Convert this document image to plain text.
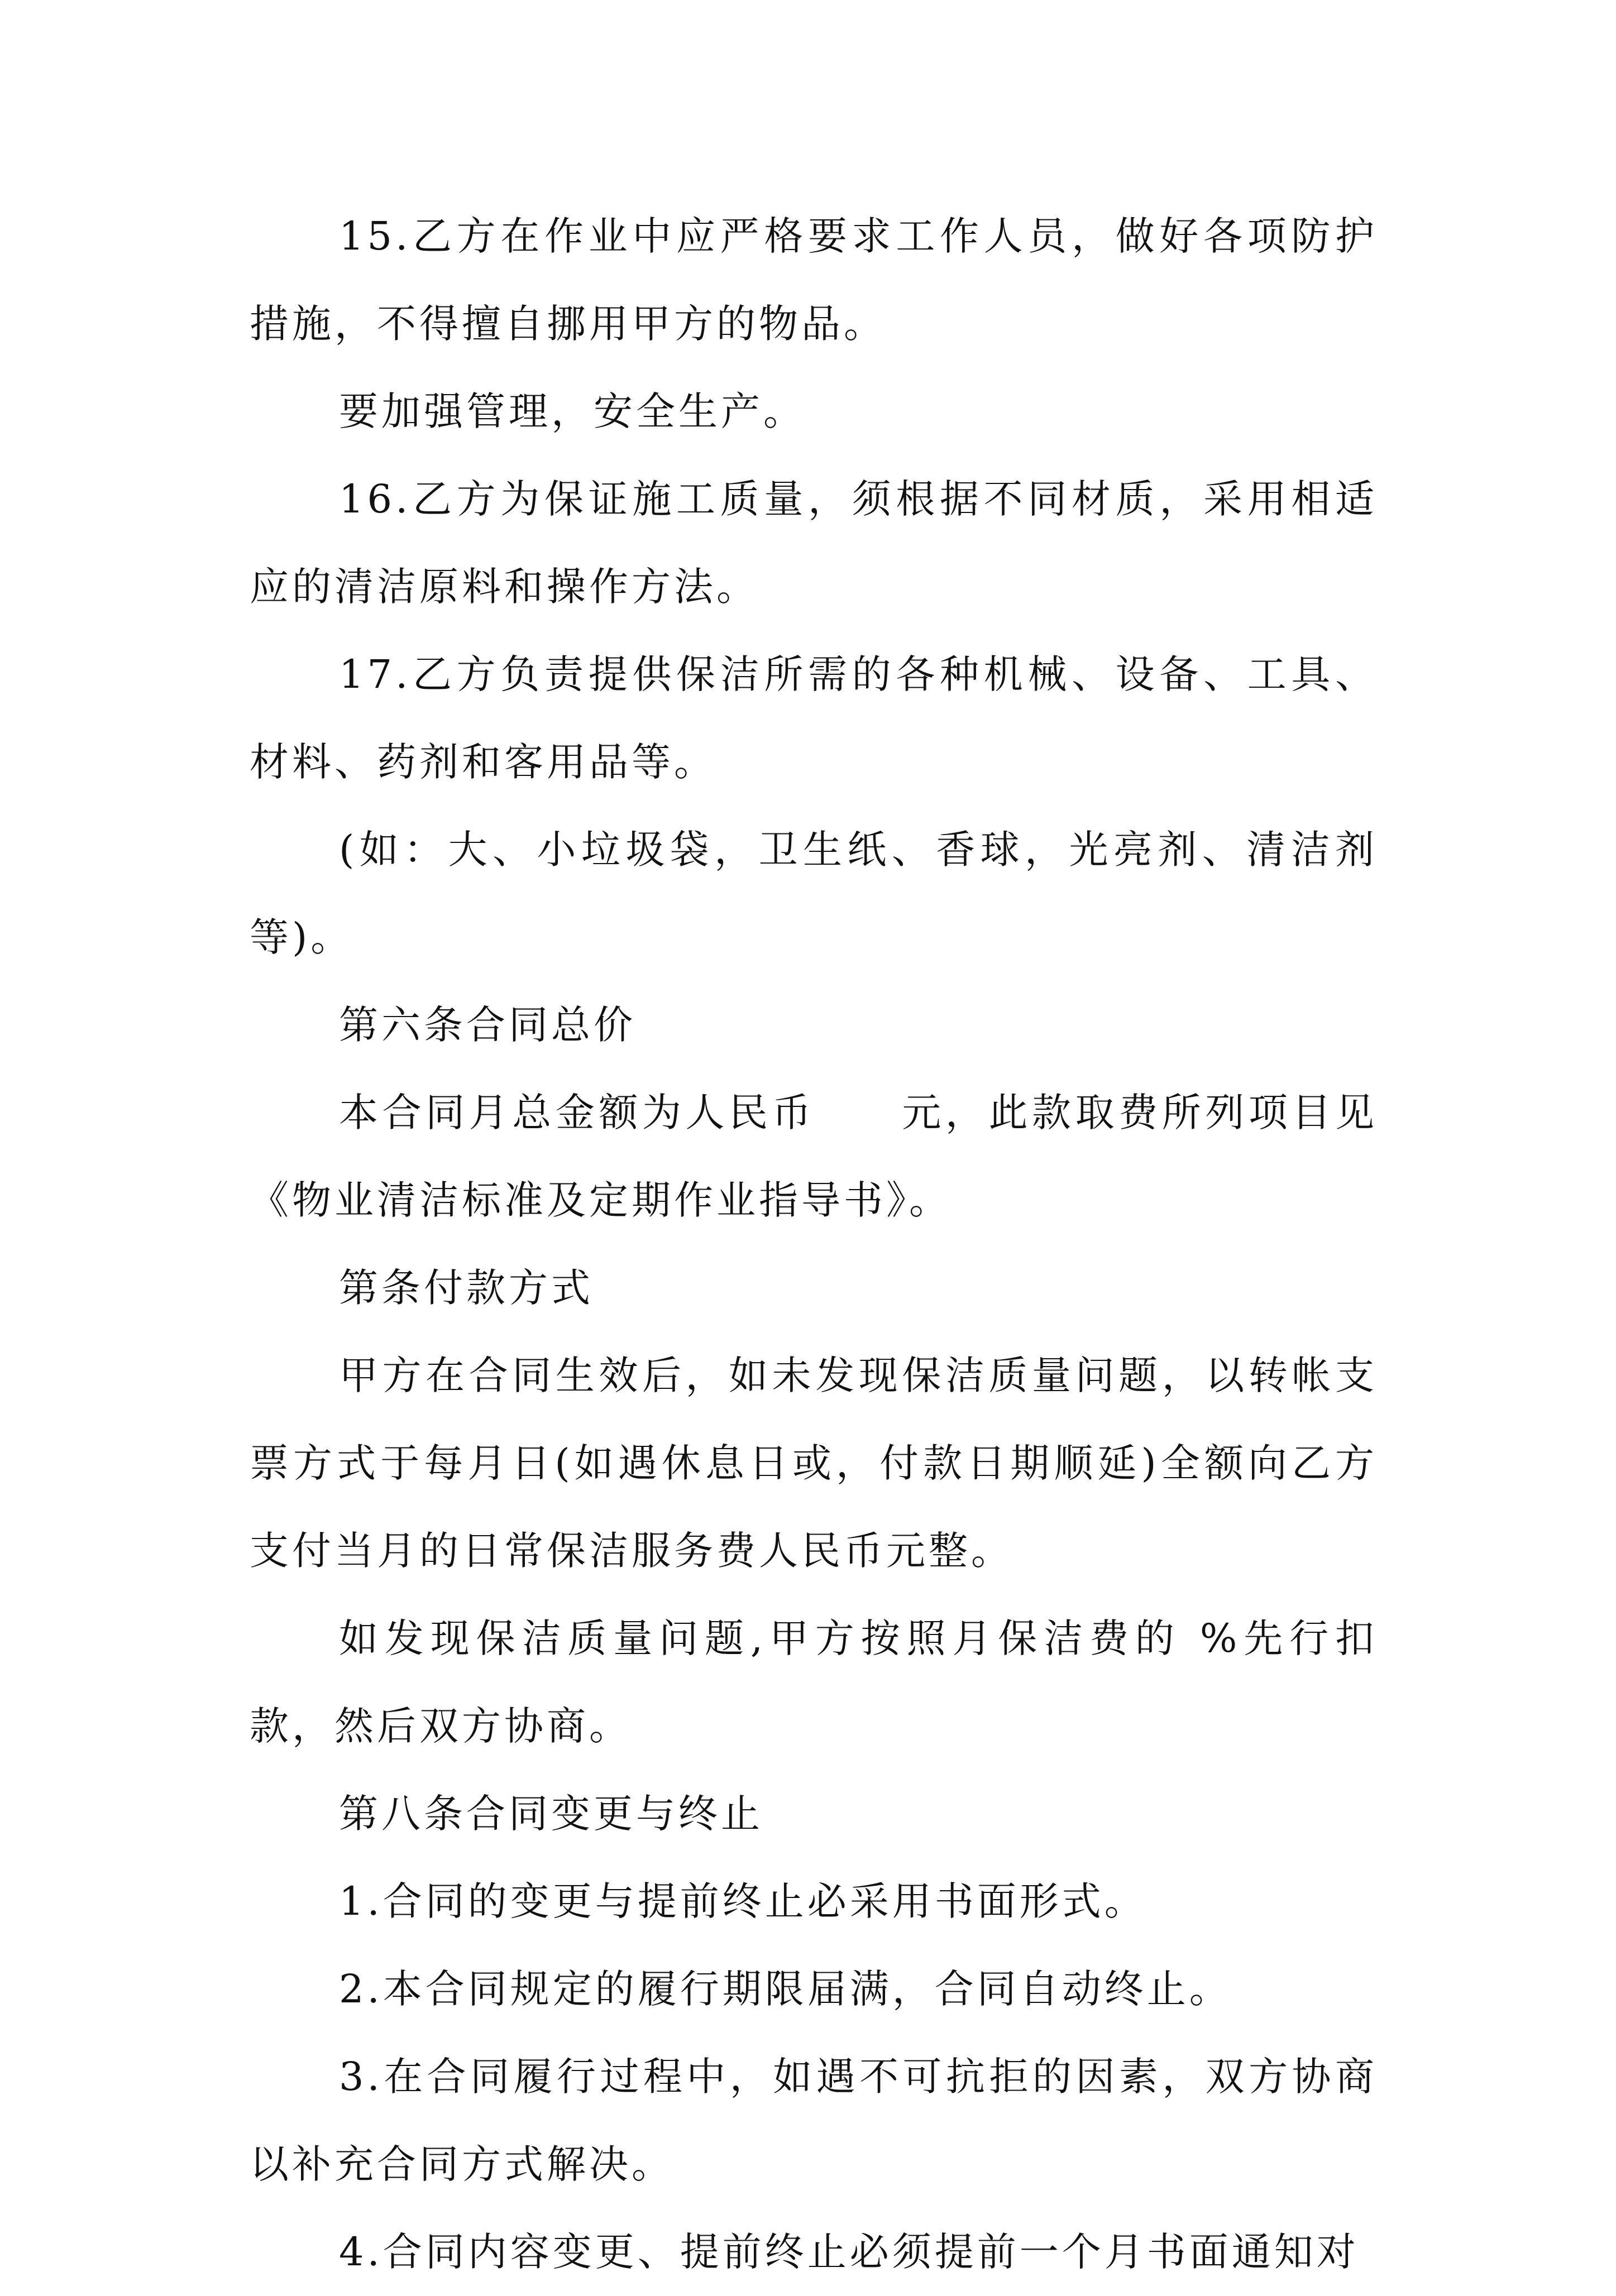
15.乙方在作业中应严格要求工作人员，做好各项防护措施，不得擅自挪用甲方的物品。

要加强管理，安全生产。

16.乙方为保证施工质量，须根据不同材质，采用相适应的清洁原料和操作方法。

17.乙方负责提供保洁所需的各种机械、设备、工具、材料、药剂和客用品等。

(如：大、小垃圾袋，卫生纸、香球，光亮剂、清洁剂等)。

第六条合同总价

本合同月总金额为人民币　　元，此款取费所列项目见《物业清洁标准及定期作业指导书》。

第条付款方式

甲方在合同生效后，如未发现保洁质量问题，以转帐支票方式于每月日(如遇休息日或，付款日期顺延)全额向乙方支付当月的日常保洁服务费人民币元整。

如发现保洁质量问题,甲方按照月保洁费的 %先行扣款，然后双方协商。

第八条合同变更与终止

1.合同的变更与提前终止必采用书面形式。

2.本合同规定的履行期限届满，合同自动终止。

3.在合同履行过程中，如遇不可抗拒的因素，双方协商以补充合同方式解决。

4.合同内容变更、提前终止必须提前一个月书面通知对
